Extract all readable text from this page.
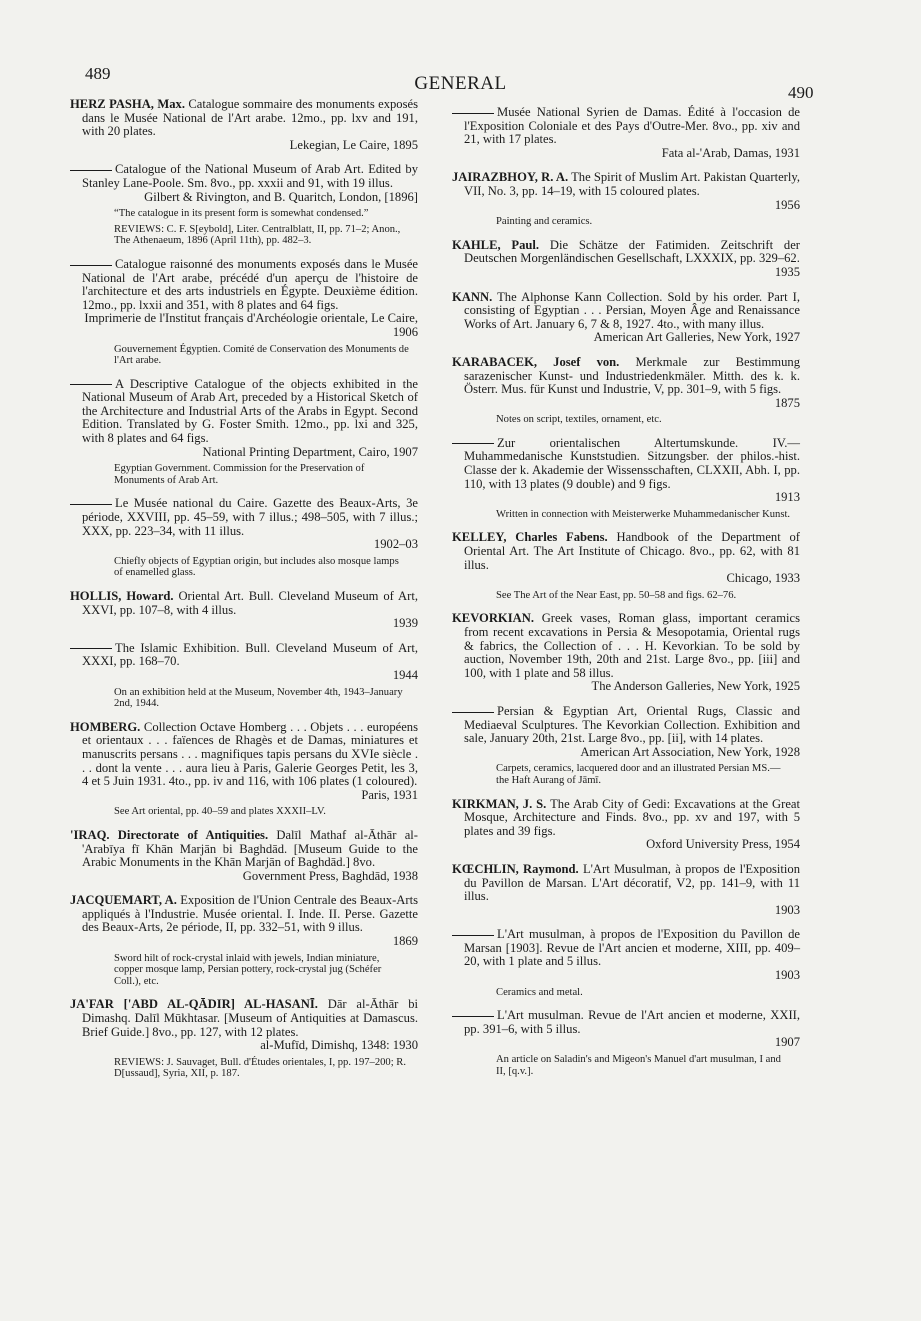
489	GENERAL	490
HERZ PASHA, Max. Catalogue sommaire des monuments exposés dans le Musée National de l'Art arabe. 12mo., pp. lxv and 191, with 20 plates.
Lekegian, Le Caire, 1895
Catalogue of the National Museum of Arab Art. Edited by Stanley Lane-Poole. Sm. 8vo., pp. xxxii and 91, with 19 illus.
Gilbert & Rivington, and B. Quaritch, London, [1896]
“The catalogue in its present form is somewhat condensed.”
REVIEWS: C. F. S[eybold], Liter. Centralblatt, II, pp. 71–2; Anon., The Athenaeum, 1896 (April 11th), pp. 482–3.
Catalogue raisonné des monuments exposés dans le Musée National de l'Art arabe, précédé d'un aperçu de l'histoire de l'architecture et des arts industriels en Égypte. Deuxième édition. 12mo., pp. lxxii and 351, with 8 plates and 64 figs.
Imprimerie de l'Institut français d'Archéologie orientale, Le Caire, 1906
Gouvernement Égyptien. Comité de Conservation des Monuments de l'Art arabe.
A Descriptive Catalogue of the objects exhibited in the National Museum of Arab Art, preceded by a Historical Sketch of the Architecture and Industrial Arts of the Arabs in Egypt. Second Edition. Translated by G. Foster Smith. 12mo., pp. lxi and 325, with 8 plates and 64 figs.
National Printing Department, Cairo, 1907
Egyptian Government. Commission for the Preservation of Monuments of Arab Art.
Le Musée national du Caire. Gazette des Beaux-Arts, 3e période, XXVIII, pp. 45–59, with 7 illus.; 498–505, with 7 illus.; XXX, pp. 223–34, with 11 illus.
1902–03
Chiefly objects of Egyptian origin, but includes also mosque lamps of enamelled glass.
HOLLIS, Howard. Oriental Art. Bull. Cleveland Museum of Art, XXVI, pp. 107–8, with 4 illus.
1939
The Islamic Exhibition. Bull. Cleveland Museum of Art, XXXI, pp. 168–70.
1944
On an exhibition held at the Museum, November 4th, 1943–January 2nd, 1944.
HOMBERG. Collection Octave Homberg . . . Objets . . . européens et orientaux . . . faïences de Rhagès et de Damas, miniatures et manuscrits persans . . . magnifiques tapis persans du XVIe siècle . . . dont la vente . . . aura lieu à Paris, Galerie Georges Petit, les 3, 4 et 5 Juin 1931. 4to., pp. iv and 116, with 106 plates (1 coloured).
Paris, 1931
See Art oriental, pp. 40–59 and plates XXXII–LV.
'IRAQ. Directorate of Antiquities. Dalīl Mathaf al-Āthār al-'Arabīya fī Khān Marjān bi Baghdād. [Museum Guide to the Arabic Monuments in the Khān Marjān of Baghdād.] 8vo.
Government Press, Baghdād, 1938
JACQUEMART, A. Exposition de l'Union Centrale des Beaux-Arts appliqués à l'Industrie. Musée oriental. I. Inde. II. Perse. Gazette des Beaux-Arts, 2e période, II, pp. 332–51, with 9 illus.
1869
Sword hilt of rock-crystal inlaid with jewels, Indian miniature, copper mosque lamp, Persian pottery, rock-crystal jug (Schéfer Coll.), etc.
JA'FAR ['ABD AL-QĀDIR] AL-HASANĪ. Dār al-Āthār bi Dimashq. Dalīl Mūkhtasar. [Museum of Antiquities at Damascus. Brief Guide.] 8vo., pp. 127, with 12 plates.
al-Mufīd, Dimishq, 1348: 1930
REVIEWS: J. Sauvaget, Bull. d'Études orientales, I, pp. 197–200; R. D[ussaud], Syria, XII, p. 187.
Musée National Syrien de Damas. Édité à l'occasion de l'Exposition Coloniale et des Pays d'Outre-Mer. 8vo., pp. xiv and 21, with 17 plates.
Fata al-'Arab, Damas, 1931
JAIRAZBHOY, R. A. The Spirit of Muslim Art. Pakistan Quarterly, VII, No. 3, pp. 14–19, with 15 coloured plates.
1956
Painting and ceramics.
KAHLE, Paul. Die Schätze der Fatimiden. Zeitschrift der Deutschen Morgenländischen Gesellschaft, LXXXIX, pp. 329–62.
1935
KANN. The Alphonse Kann Collection. Sold by his order. Part I, consisting of Egyptian . . . Persian, Moyen Âge and Renaissance Works of Art. January 6, 7 & 8, 1927. 4to., with many illus.
American Art Galleries, New York, 1927
KARABACEK, Josef von. Merkmale zur Bestimmung sarazenischer Kunst- und Industriedenkmäler. Mitth. des k. k. Österr. Mus. für Kunst und Industrie, V, pp. 301–9, with 5 figs.
1875
Notes on script, textiles, ornament, etc.
Zur orientalischen Altertumskunde. IV.—Muhammedanische Kunststudien. Sitzungsber. der philos.-hist. Classe der k. Akademie der Wissensschaften, CLXXII, Abh. I, pp. 110, with 13 plates (9 double) and 9 figs.
1913
Written in connection with Meisterwerke Muhammedanischer Kunst.
KELLEY, Charles Fabens. Handbook of the Department of Oriental Art. The Art Institute of Chicago. 8vo., pp. 62, with 81 illus.
Chicago, 1933
See The Art of the Near East, pp. 50–58 and figs. 62–76.
KEVORKIAN. Greek vases, Roman glass, important ceramics from recent excavations in Persia & Mesopotamia, Oriental rugs & fabrics, the Collection of . . . H. Kevorkian. To be sold by auction, November 19th, 20th and 21st. Large 8vo., pp. [iii] and 100, with 1 plate and 58 illus.
The Anderson Galleries, New York, 1925
Persian & Egyptian Art, Oriental Rugs, Classic and Mediaeval Sculptures. The Kevorkian Collection. Exhibition and sale, January 20th, 21st. Large 8vo., pp. [ii], with 14 plates.
American Art Association, New York, 1928
Carpets, ceramics, lacquered door and an illustrated Persian MS.—the Haft Aurang of Jāmī.
KIRKMAN, J. S. The Arab City of Gedi: Excavations at the Great Mosque, Architecture and Finds. 8vo., pp. xv and 197, with 5 plates and 39 figs.
Oxford University Press, 1954
KŒCHLIN, Raymond. L'Art Musulman, à propos de l'Exposition du Pavillon de Marsan. L'Art décoratif, V2, pp. 141–9, with 11 illus.
1903
L'Art musulman, à propos de l'Exposition du Pavillon de Marsan [1903]. Revue de l'Art ancien et moderne, XIII, pp. 409–20, with 1 plate and 5 illus.
1903
Ceramics and metal.
L'Art musulman. Revue de l'Art ancien et moderne, XXII, pp. 391–6, with 5 illus.
1907
An article on Saladin's and Migeon's Manuel d'art musulman, I and II, [q.v.].
